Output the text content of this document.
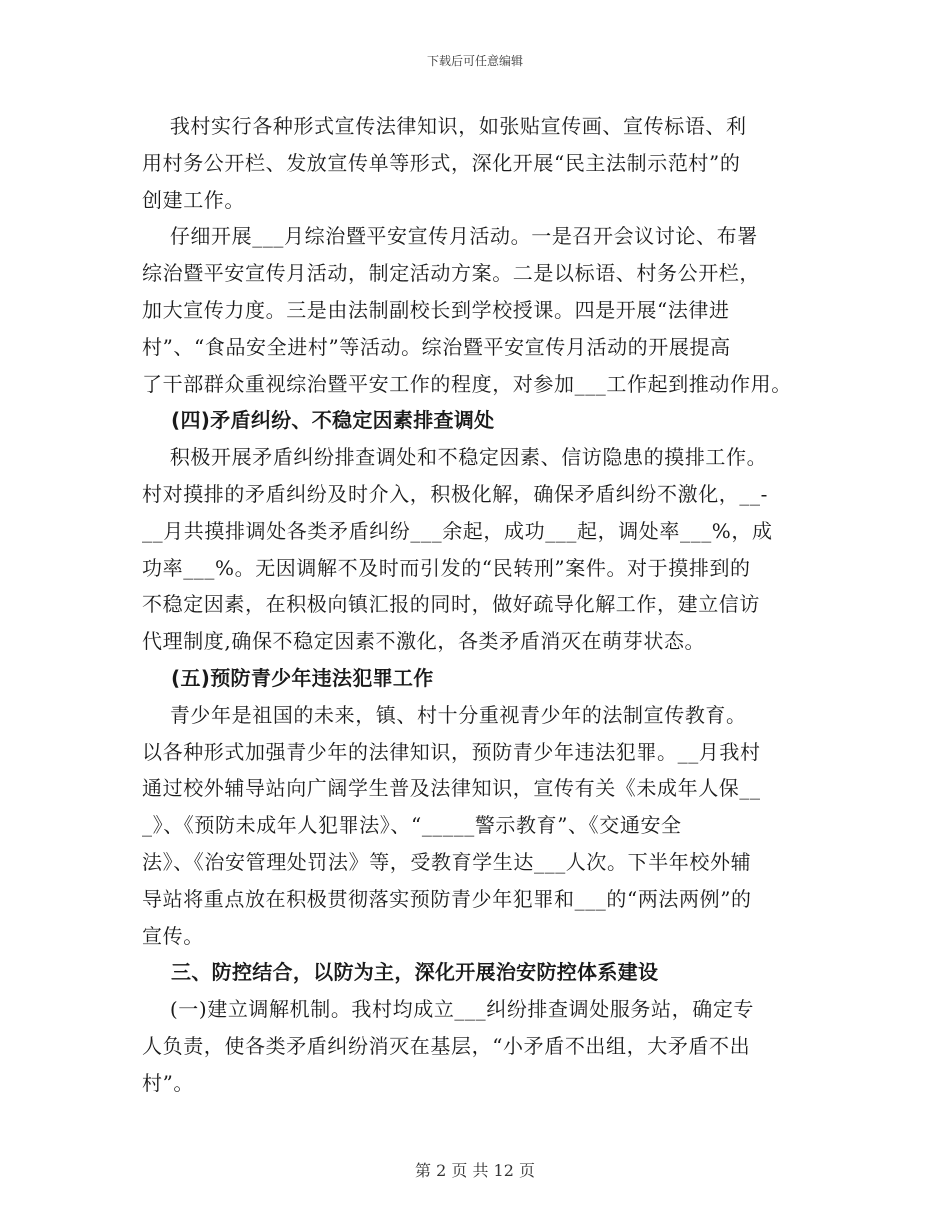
下载后可任意编辑
我村实行各种形式宣传法律知识，如张贴宣传画、宣传标语、利
用村务公开栏、发放宣传单等形式，深化开展“民主法制示范村”的
创建工作。
仔细开展___月综治暨平安宣传月活动。一是召开会议讨论、布署
综治暨平安宣传月活动，制定活动方案。二是以标语、村务公开栏，
加大宣传力度。三是由法制副校长到学校授课。四是开展“法律进
村”、“食品安全进村”等活动。综治暨平安宣传月活动的开展提高
了干部群众重视综治暨平安工作的程度，对参加___工作起到推动作用。
(四)矛盾纠纷、不稳定因素排查调处
积极开展矛盾纠纷排查调处和不稳定因素、信访隐患的摸排工作。
村对摸排的矛盾纠纷及时介入，积极化解，确保矛盾纠纷不激化，__-
__月共摸排调处各类矛盾纠纷___余起，成功___起，调处率___%，成
功率___%。无因调解不及时而引发的“民转刑”案件。对于摸排到的
不稳定因素，在积极向镇汇报的同时，做好疏导化解工作，建立信访
代理制度,确保不稳定因素不激化，各类矛盾消灭在萌芽状态。
(五)预防青少年违法犯罪工作
青少年是祖国的未来，镇、村十分重视青少年的法制宣传教育。
以各种形式加强青少年的法律知识，预防青少年违法犯罪。__月我村
通过校外辅导站向广阔学生普及法律知识，宣传有关《未成年人保__
_》、《预防未成年人犯罪法》、“_____警示教育”、《交通安全
法》、《治安管理处罚法》等，受教育学生达___人次。下半年校外辅
导站将重点放在积极贯彻落实预防青少年犯罪和___的“两法两例”的
宣传。
三、防控结合，以防为主，深化开展治安防控体系建设
(一)建立调解机制。我村均成立___纠纷排查调处服务站，确定专
人负责，使各类矛盾纠纷消灭在基层，“小矛盾不出组，大矛盾不出
村”。
第 2 页 共 12 页
